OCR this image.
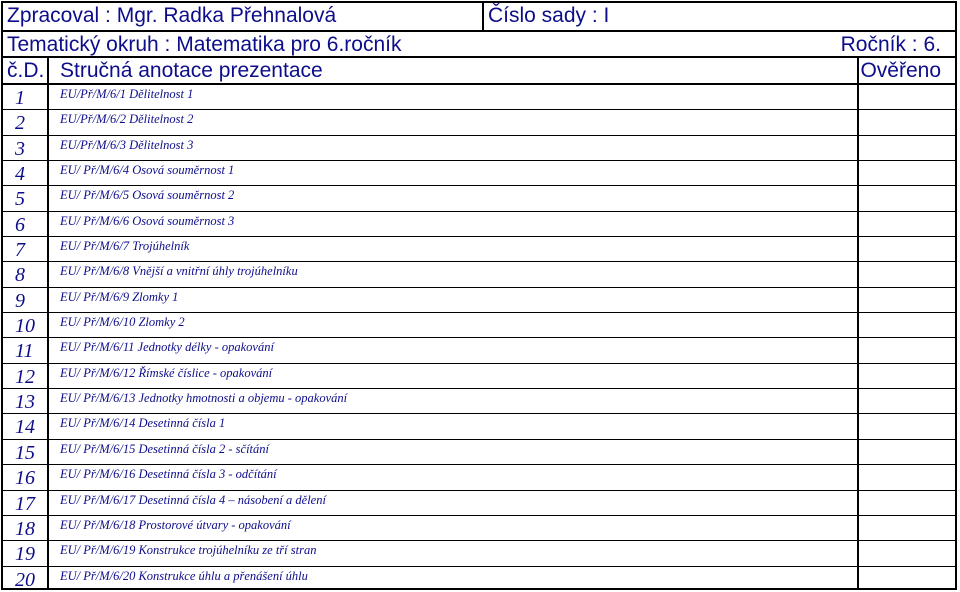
Zpracoval : Mgr. Radka Přehnalová	Číslo sady : I
Tematický okruh : Matematika pro 6.ročník	Ročník : 6.
č.D. Stručná anotace prezentace	Ověřeno
1	EU/Př/M/6/1 Dělitelnost 1
2	EU/Př/M/6/2 Dělitelnost 2
3	EU/Př/M/6/3 Dělitelnost 3
4	EU/ Př/M/6/4 Osová souměrnost 1
5	EU/ Př/M/6/5 Osová souměrnost 2
6	EU/ Př/M/6/6 Osová souměrnost 3
7	EU/ Př/M/6/7 Trojúhelník
8	EU/ Př/M/6/8 Vnější a vnitřní úhly trojúhelníku
9	EU/ Př/M/6/9 Zlomky 1
10 EU/ Př/M/6/10 Zlomky 2
11 EU/ Př/M/6/11 Jednotky délky - opakování
12 EU/ Př/M/6/12 Římské číslice - opakování
13 EU/ Př/M/6/13 Jednotky hmotnosti a objemu - opakování
14 EU/ Př/M/6/14 Desetinná čísla 1
15 EU/ Př/M/6/15 Desetinná čísla 2 - sčítání
16 EU/ Př/M/6/16 Desetinná čísla 3 - odčítání
17 EU/ Př/M/6/17 Desetinná čísla 4 – násobení a dělení
18 EU/ Př/M/6/18 Prostorové útvary - opakování
19 EU/ Př/M/6/19 Konstrukce trojúhelníku ze tří stran
20 EU/ Př/M/6/20 Konstrukce úhlu a přenášení úhlu
